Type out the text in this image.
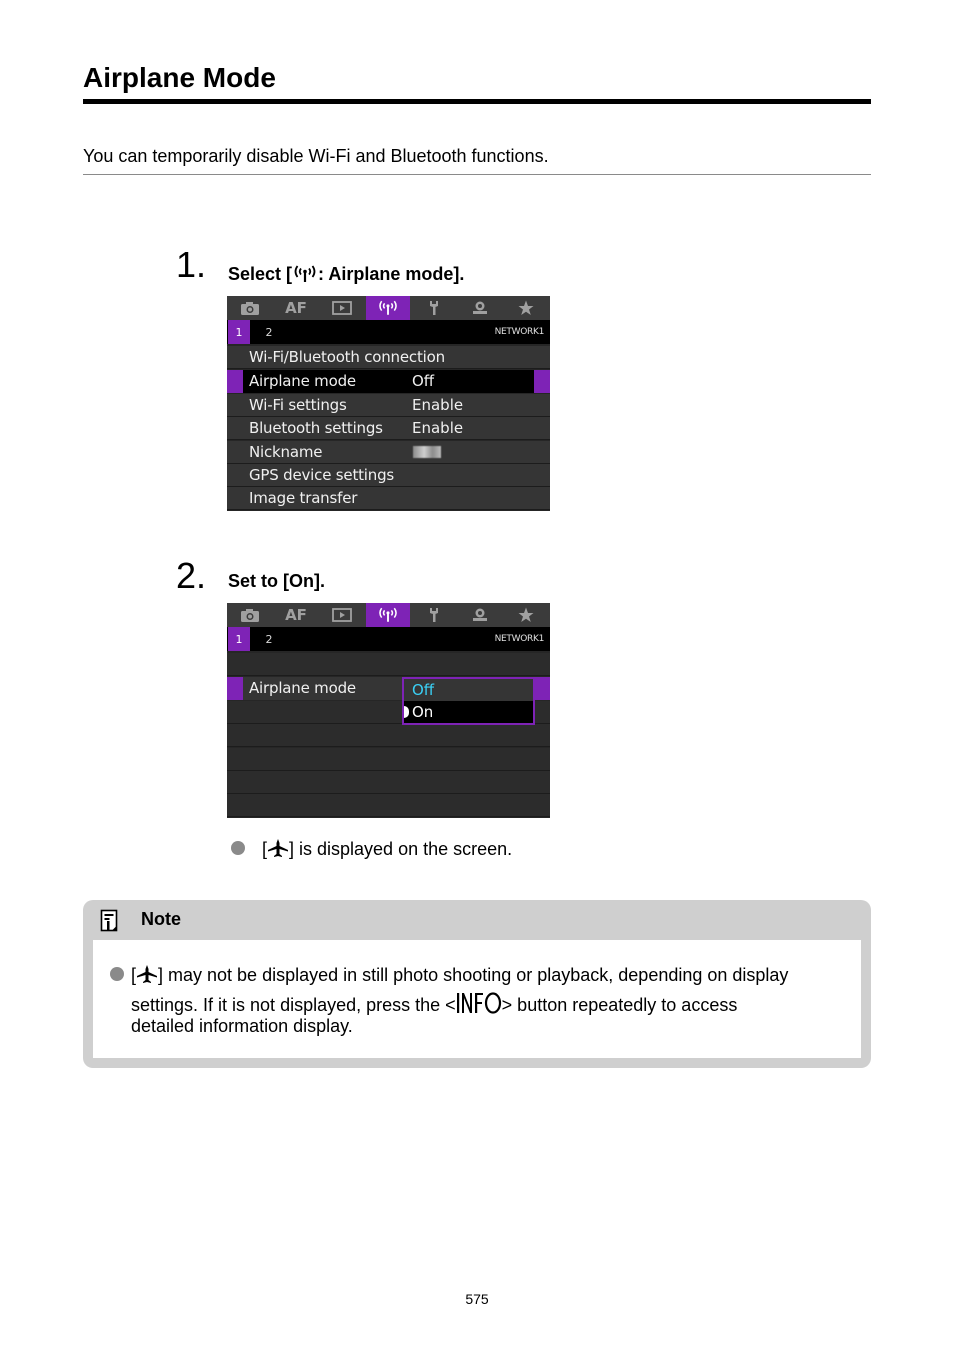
Airplane Mode
You can temporarily disable Wi-Fi and Bluetooth functions.
1. Select [ : Airplane mode].
AF
1	2	NETWORK1
Wi-Fi/Bluetooth connection
Airplane mode	Off
Wi-Fi settings	Enable
Bluetooth settings Enable
Nickname
GPS device settings
Image transfer
2. Set to [On].
AF
1	2	NETWORK1
Airplane mode	Off
On
[ ] is displayed on the screen.
Note
[ ] may not be displayed in still photo shooting or playback, depending on display
settings. If it is not displayed, press the <	> button repeatedly to access
detailed information display.
575
